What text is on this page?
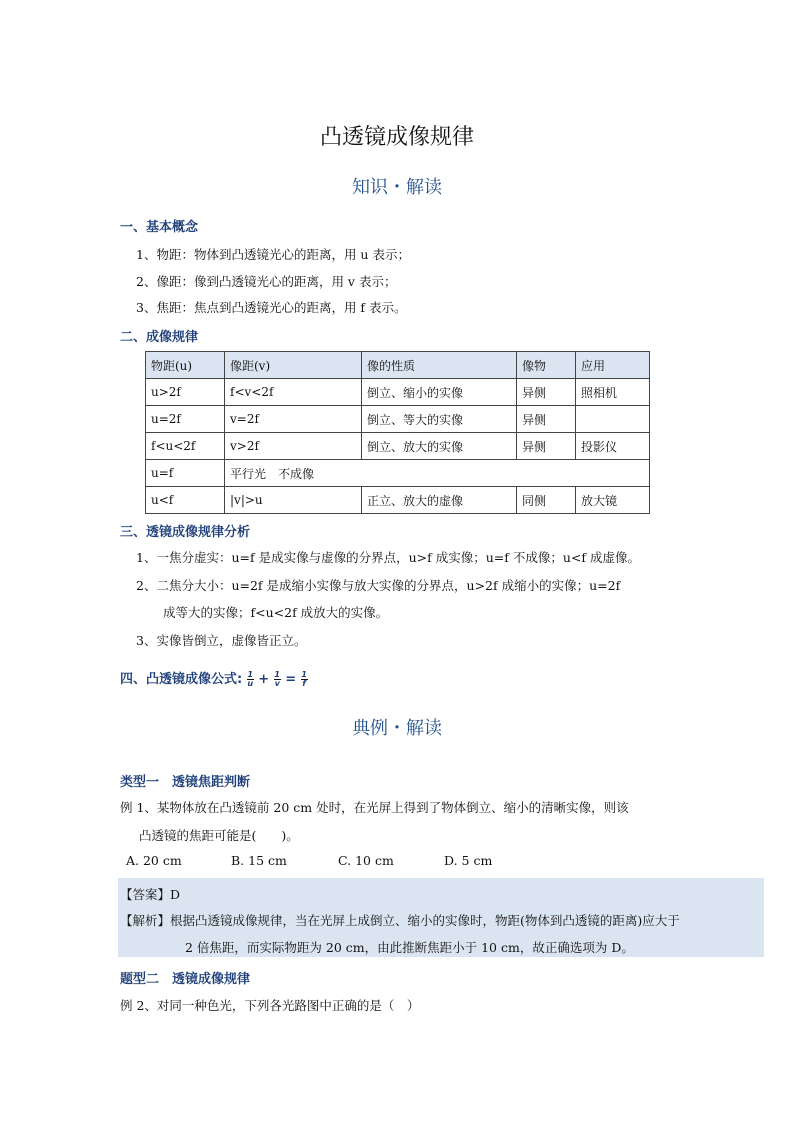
凸透镜成像规律
知识・解读
一、基本概念
1、物距：物体到凸透镜光心的距离，用 u 表示；
2、像距：像到凸透镜光心的距离，用 v 表示；
3、焦距：焦点到凸透镜光心的距离，用 f 表示。
二、成像规律
物距(u)	像距(v)	像的性质	像物	应用
u>2f	f<v<2f	倒立、缩小的实像	异侧	照相机
u=2f	v=2f	倒立、等大的实像	异侧	
f<u<2f	v>2f	倒立、放大的实像	异侧	投影仪
u=f	平行光　不成像			
u<f	|v|>u	正立、放大的虚像	同侧	放大镜
三、透镜成像规律分析
1、一焦分虚实：u=f 是成实像与虚像的分界点，u>f 成实像；u=f 不成像；u<f 成虚像。
2、二焦分大小：u=2f 是成缩小实像与放大实像的分界点，u>2f 成缩小的实像；u=2f
成等大的实像；f<u<2f 成放大的实像。
3、实像皆倒立，虚像皆正立。
四、凸透镜成像公式: $\frac{1}{u} + \frac{1}{v} = \frac{1}{f}$
典例・解读
类型一　透镜焦距判断
例 1、某物体放在凸透镜前 20 cm 处时，在光屏上得到了物体倒立、缩小的清晰实像，则该
凸透镜的焦距可能是(　　)。
A. 20 cm	B. 15 cm	C. 10 cm	D. 5 cm
【答案】D
【解析】根据凸透镜成像规律，当在光屏上成倒立、缩小的实像时，物距(物体到凸透镜的距离)应大于
2 倍焦距，而实际物距为 20 cm，由此推断焦距小于 10 cm，故正确选项为 D。
题型二　透镜成像规律
例 2、对同一种色光，下列各光路图中正确的是（　）
